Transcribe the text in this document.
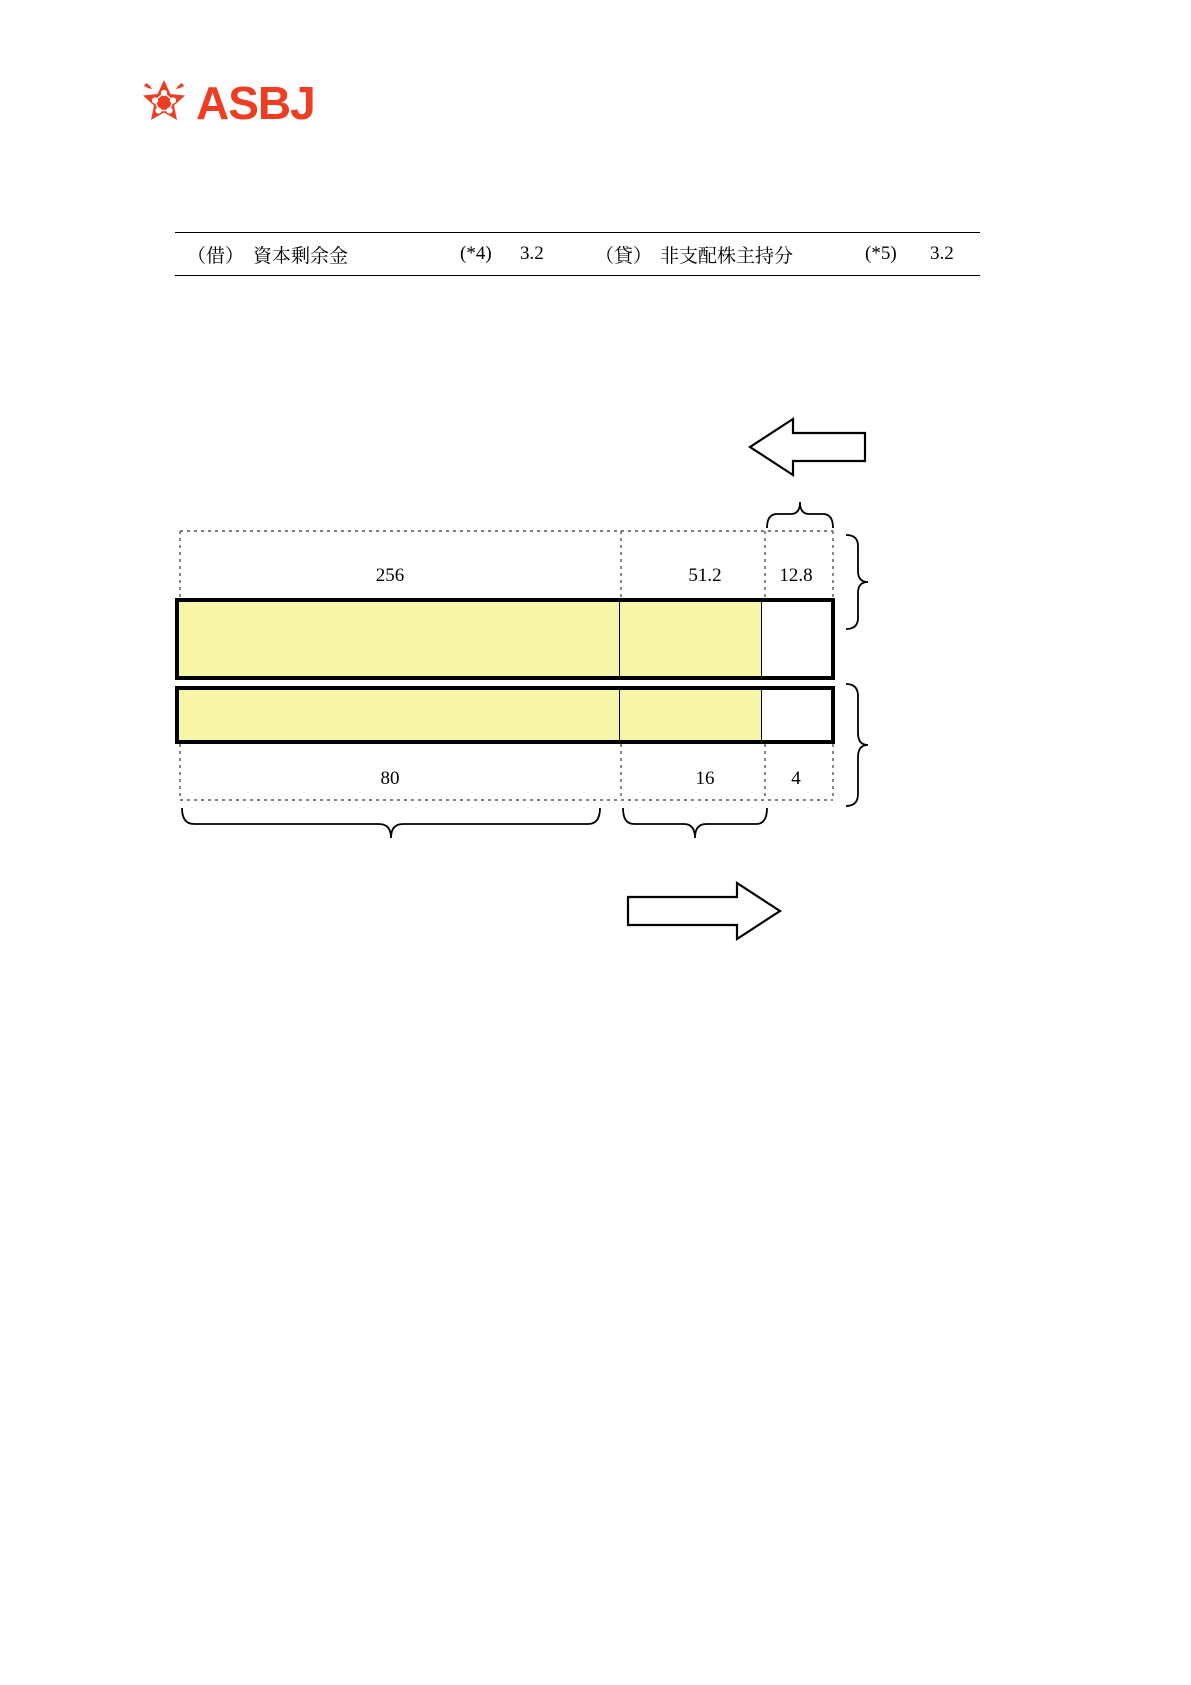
ASBJ
（借） 資本剰余金	(*4) 3.2	（貸） 非支配株主持分	(*5) 3.2
256	51.2	12.8
80	16	4
